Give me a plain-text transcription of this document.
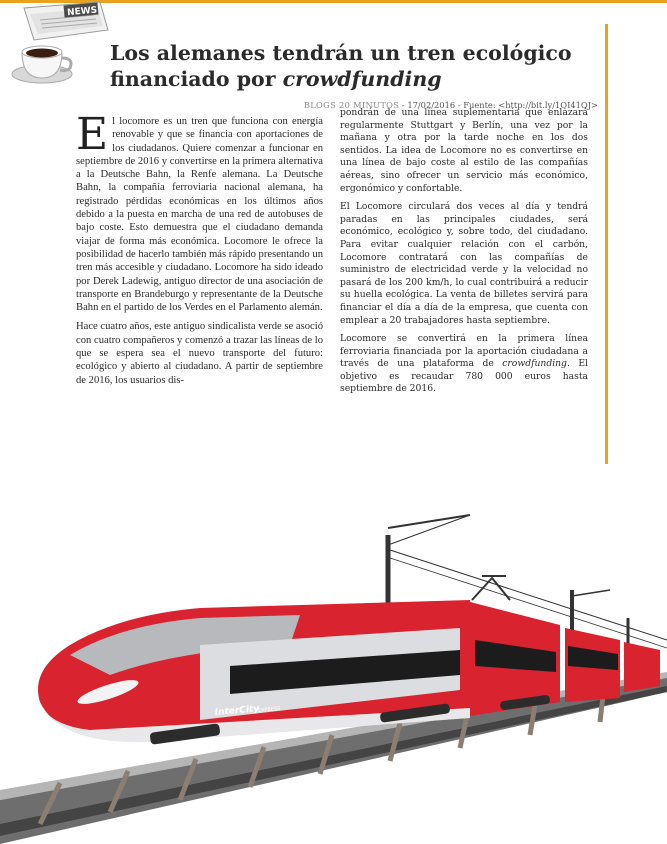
NEWS
Los alemanes tendrán un tren ecológico
financiado por crowdfunding
BLOGS 20 MINUTOS - 17/02/2016 - Fuente: <http://bit.ly/1QI41QJ>

El locomore es un tren que funciona con energía renovable y que se financia con aportaciones de los ciudadanos. Quiere comenzar a funcionar en septiembre de 2016 y convertirse en la primera alternativa a la Deutsche Bahn, la Renfe alemana. La Deutsche Bahn, la compañía ferroviaria nacional alemana, ha registrado pérdidas económicas en los últimos años debido a la puesta en marcha de una red de autobuses de bajo coste. Esto demuestra que el ciudadano demanda viajar de forma más económica. Locomore le ofrece la posibilidad de hacerlo también más rápido presentando un tren más accesible y ciudadano. Locomore ha sido ideado por Derek Ladewig, antiguo director de una asociación de transporte en Brandeburgo y representante de la Deutsche Bahn en el partido de los Verdes en el Parlamento alemán.

Hace cuatro años, este antiguo sindicalista verde se asoció con cuatro compañeros y comenzó a trazar las líneas de lo que se espera sea el nuevo transporte del futuro: ecológico y abierto al ciudadano. A partir de septiembre de 2016, los usuarios dis-

pondrán de una línea suplementaria que enlazará regularmente Stuttgart y Berlín, una vez por la mañana y otra por la tarde noche en los dos sentidos. La idea de Locomore no es convertirse en una línea de bajo coste al estilo de las compañías aéreas, sino ofrecer un servicio más económico, ergonómico y confortable.

El Locomore circulará dos veces al día y tendrá paradas en las principales ciudades, será económico, ecológico y, sobre todo, del ciudadano. Para evitar cualquier relación con el carbón, Locomore contratará con las compañías de suministro de electricidad verde y la velocidad no pasará de los 200 km/h, lo cual contribuirá a reducir su huella ecológica. La venta de billetes servirá para financiar el día a día de la empresa, que cuenta con emplear a 20 trabajadores hasta septiembre.

Locomore se convertirá en la primera línea ferroviaria financiada por la aportación ciudadana a través de una plataforma de crowdfunding. El objetivo es recaudar 780 000 euros hasta septiembre de 2016.

InterCity
EXPRESS
